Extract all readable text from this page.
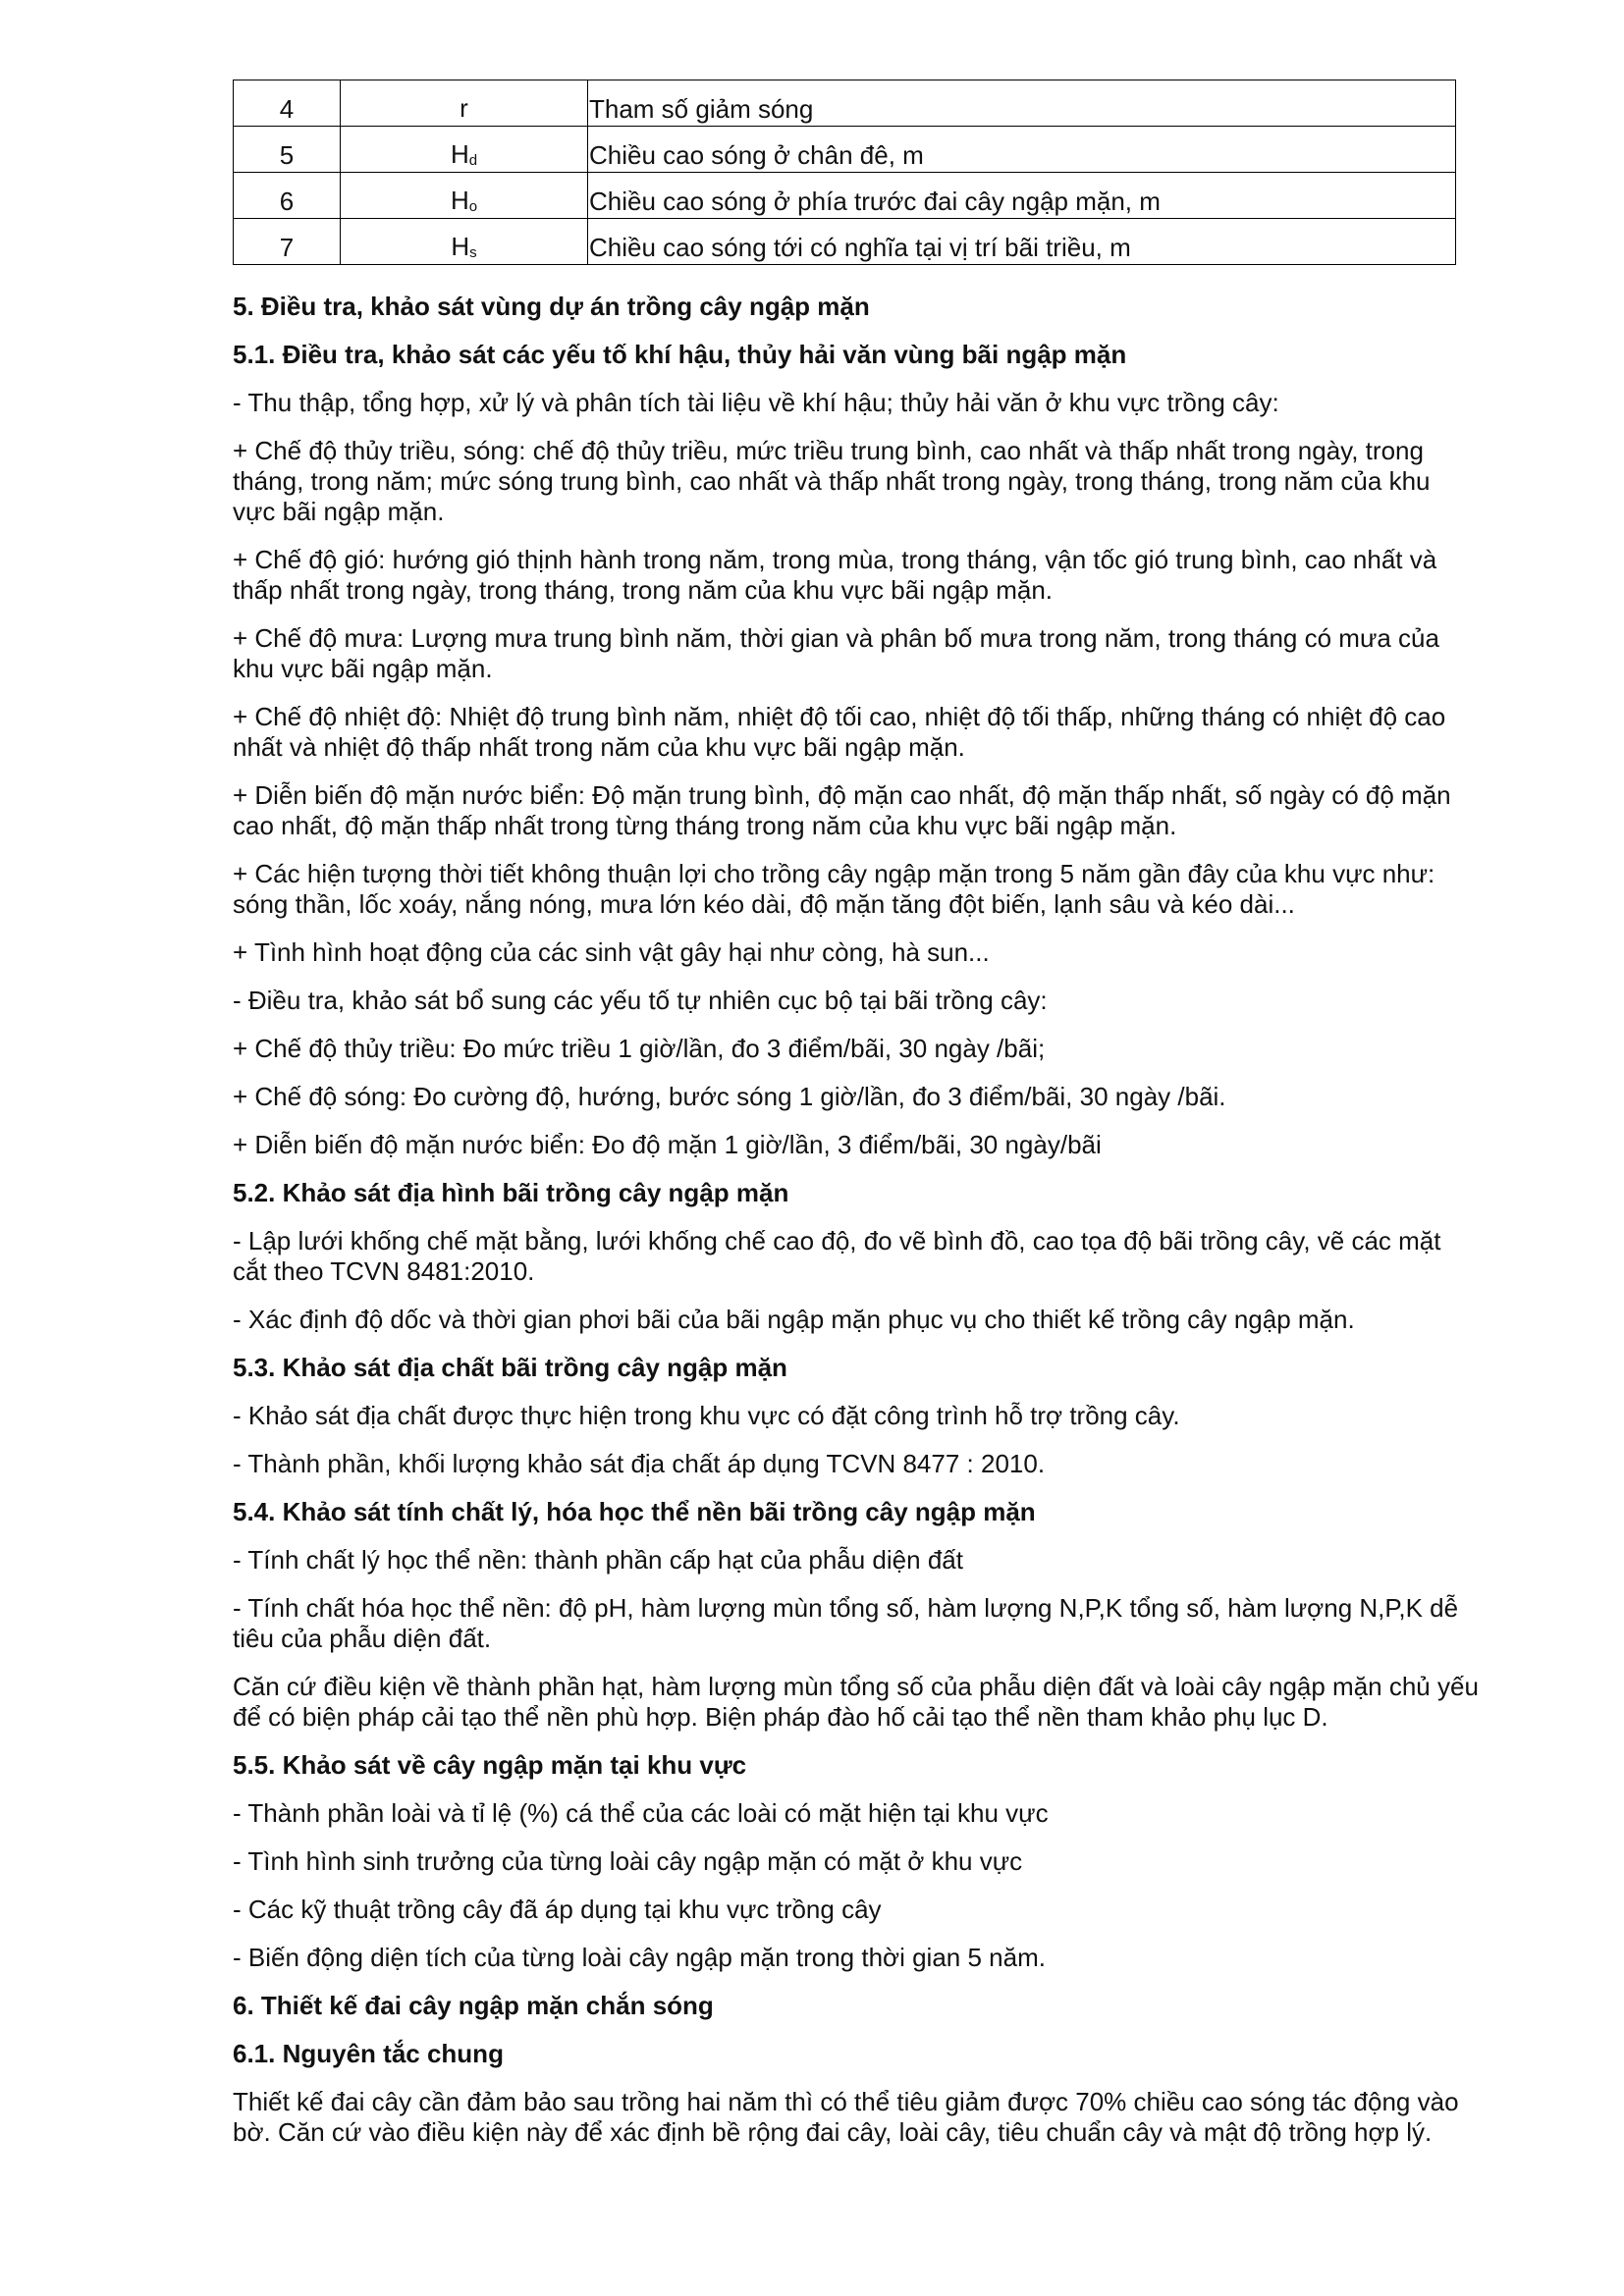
4	r	Tham số giảm sóng
5	$H_d$	Chiều cao sóng ở chân đê, m
6	$H_o$	Chiều cao sóng ở phía trước đai cây ngập mặn, m
7	$H_s$	Chiều cao sóng tới có nghĩa tại vị trí bãi triều, m
5. Điều tra, khảo sát vùng dự án trồng cây ngập mặn
5.1. Điều tra, khảo sát các yếu tố khí hậu, thủy hải văn vùng bãi ngập mặn

- Thu thập, tổng hợp, xử lý và phân tích tài liệu về khí hậu; thủy hải văn ở khu vực trồng cây:

+ Chế độ thủy triều, sóng: chế độ thủy triều, mức triều trung bình, cao nhất và thấp nhất trong ngày, trong tháng, trong năm; mức sóng trung bình, cao nhất và thấp nhất trong ngày, trong tháng, trong năm của khu vực bãi ngập mặn.

+ Chế độ gió: hướng gió thịnh hành trong năm, trong mùa, trong tháng, vận tốc gió trung bình, cao nhất và thấp nhất trong ngày, trong tháng, trong năm của khu vực bãi ngập mặn.

+ Chế độ mưa: Lượng mưa trung bình năm, thời gian và phân bố mưa trong năm, trong tháng có mưa của khu vực bãi ngập mặn.

+ Chế độ nhiệt độ: Nhiệt độ trung bình năm, nhiệt độ tối cao, nhiệt độ tối thấp, những tháng có nhiệt độ cao nhất và nhiệt độ thấp nhất trong năm của khu vực bãi ngập mặn.

+ Diễn biến độ mặn nước biển: Độ mặn trung bình, độ mặn cao nhất, độ mặn thấp nhất, số ngày có độ mặn cao nhất, độ mặn thấp nhất trong từng tháng trong năm của khu vực bãi ngập mặn.

+ Các hiện tượng thời tiết không thuận lợi cho trồng cây ngập mặn trong 5 năm gần đây của khu vực như: sóng thần, lốc xoáy, nắng nóng, mưa lớn kéo dài, độ mặn tăng đột biến, lạnh sâu và kéo dài...

+ Tình hình hoạt động của các sinh vật gây hại như còng, hà sun...

- Điều tra, khảo sát bổ sung các yếu tố tự nhiên cục bộ tại bãi trồng cây:

+ Chế độ thủy triều: Đo mức triều 1 giờ/lần, đo 3 điểm/bãi, 30 ngày /bãi;

+ Chế độ sóng: Đo cường độ, hướng, bước sóng 1 giờ/lần, đo 3 điểm/bãi, 30 ngày /bãi.

+ Diễn biến độ mặn nước biển: Đo độ mặn 1 giờ/lần, 3 điểm/bãi, 30 ngày/bãi

5.2. Khảo sát địa hình bãi trồng cây ngập mặn

- Lập lưới khống chế mặt bằng, lưới khống chế cao độ, đo vẽ bình đồ, cao tọa độ bãi trồng cây, vẽ các mặt cắt theo TCVN 8481:2010.

- Xác định độ dốc và thời gian phơi bãi của bãi ngập mặn phục vụ cho thiết kế trồng cây ngập mặn.

5.3. Khảo sát địa chất bãi trồng cây ngập mặn

- Khảo sát địa chất được thực hiện trong khu vực có đặt công trình hỗ trợ trồng cây.

- Thành phần, khối lượng khảo sát địa chất áp dụng TCVN 8477 : 2010.

5.4. Khảo sát tính chất lý, hóa học thể nền bãi trồng cây ngập mặn

- Tính chất lý học thể nền: thành phần cấp hạt của phẫu diện đất

- Tính chất hóa học thể nền: độ pH, hàm lượng mùn tổng số, hàm lượng N,P,K tổng số, hàm lượng N,P,K dễ tiêu của phẫu diện đất.

Căn cứ điều kiện về thành phần hạt, hàm lượng mùn tổng số của phẫu diện đất và loài cây ngập mặn chủ yếu để có biện pháp cải tạo thể nền phù hợp. Biện pháp đào hố cải tạo thể nền tham khảo phụ lục D.

5.5. Khảo sát về cây ngập mặn tại khu vực

- Thành phần loài và tỉ lệ (%) cá thể của các loài có mặt hiện tại khu vực

- Tình hình sinh trưởng của từng loài cây ngập mặn có mặt ở khu vực

- Các kỹ thuật trồng cây đã áp dụng tại khu vực trồng cây

- Biến động diện tích của từng loài cây ngập mặn trong thời gian 5 năm.

6. Thiết kế đai cây ngập mặn chắn sóng
6.1. Nguyên tắc chung

Thiết kế đai cây cần đảm bảo sau trồng hai năm thì có thể tiêu giảm được 70% chiều cao sóng tác động vào bờ. Căn cứ vào điều kiện này để xác định bề rộng đai cây, loài cây, tiêu chuẩn cây và mật độ trồng hợp lý.
